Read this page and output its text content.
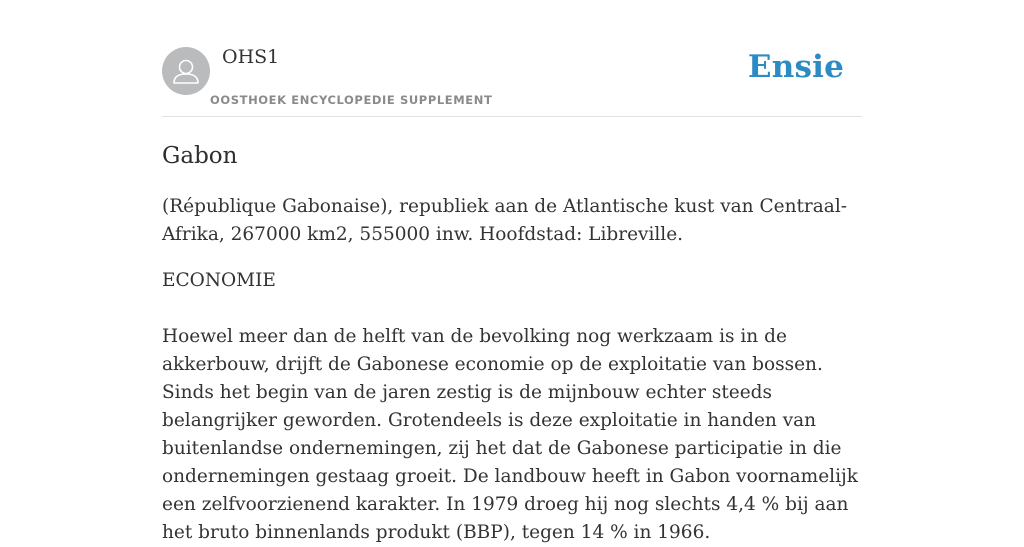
OHS1
OOSTHOEK ENCYCLOPEDIE SUPPLEMENT
Ensie
Gabon
(République Gabonaise), republiek aan de Atlantische kust van Centraal-Afrika, 267000 km2, 555000 inw. Hoofdstad: Libreville.
ECONOMIE
Hoewel meer dan de helft van de bevolking nog werkzaam is in de akkerbouw, drijft de Gabonese economie op de exploitatie van bossen. Sinds het begin van de jaren zestig is de mijnbouw echter steeds belangrijker geworden. Grotendeels is deze exploitatie in handen van buitenlandse ondernemingen, zij het dat de Gabonese participatie in die ondernemingen gestaag groeit. De landbouw heeft in Gabon voornamelijk een zelfvoorzienend karakter. In 1979 droeg hij nog slechts 4,4 % bij aan het bruto binnenlands produkt (BBP), tegen 14 % in 1966.
